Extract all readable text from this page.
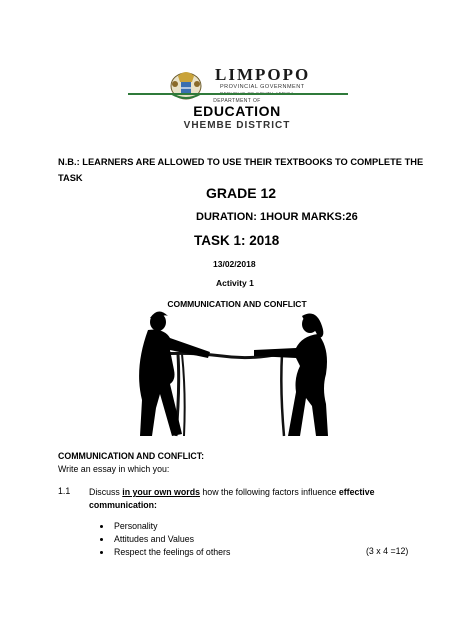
LIMPOPO
PROVINCIAL GOVERNMENT
DEPARTMENT OF
EDUCATION
VHEMBE DISTRICT
N.B.: LEARNERS ARE ALLOWED TO USE THEIR TEXTBOOKS TO COMPLETE THE TASK
GRADE 12
DURATION: 1HOUR MARKS:26
TASK 1: 2018
13/02/2018
Activity 1
COMMUNICATION AND CONFLICT
COMMUNICATION AND CONFLICT:
Write an essay in which you:
1.1 Discuss in your own words how the following factors influence effective communication:
Personality
Attitudes and Values
Respect the feelings of others	(3 x 4 =12)
